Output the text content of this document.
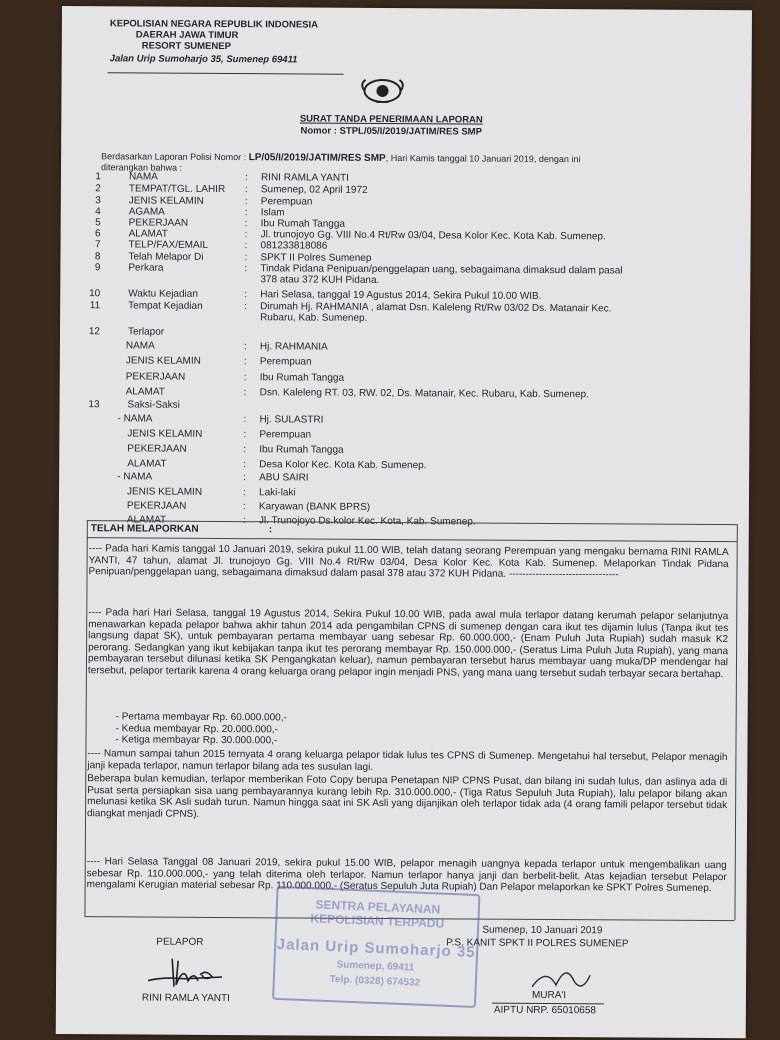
KEPOLISIAN NEGARA REPUBLIK INDONESIA
DAERAH JAWA TIMUR
RESORT SUMENEP
Jalan Urip Sumoharjo 35, Sumenep 69411
SURAT TANDA PENERIMAAN LAPORAN
Nomor : STPL/05/I/2019/JATIM/RES SMP
Berdasarkan Laporan Polisi Nomor : LP/05/I/2019/JATIM/RES SMP, Hari Kamis tanggal 10 Januari 2019, dengan ini
diterangkan bahwa :
1	NAMA	: RINI RAMLA YANTI
2	TEMPAT/TGL. LAHIR : Sumenep, 02 April 1972
3	JENIS KELAMIN	: Perempuan
4	AGAMA	: Islam
5	PEKERJAAN	: Ibu Rumah Tangga
6	ALAMAT	: Jl. trunojoyo Gg. VIII No.4 Rt/Rw 03/04, Desa Kolor Kec. Kota Kab. Sumenep.
7	TELP/FAX/EMAIL	: 081233818086
8	Telah Melapor Di	: SPKT II Polres Sumenep
9	Perkara	: Tindak Pidana Penipuan/penggelapan uang, sebagaimana dimaksud dalam pasal
378 atau 372 KUH Pidana.
10	Waktu Kejadian	: Hari Selasa, tanggal 19 Agustus 2014, Sekira Pukul 10.00 WIB.
11	Tempat Kejadian	: Dirumah Hj. RAHMANIA , alamat Dsn. Kaleleng Rt/Rw 03/02 Ds. Matanair Kec.
Rubaru, Kab. Sumenep.
12	Terlapor
NAMA	: Hj. RAHMANIA
JENIS KELAMIN	: Perempuan
PEKERJAAN	: Ibu Rumah Tangga
ALAMAT	: Dsn. Kaleleng RT. 03, RW. 02, Ds. Matanair, Kec. Rubaru, Kab. Sumenep.
13	Saksi-Saksi
- NAMA	: Hj. SULASTRI
JENIS KELAMIN	: Perempuan
PEKERJAAN	: Ibu Rumah Tangga
ALAMAT	: Desa Kolor Kec. Kota Kab. Sumenep.
- NAMA	: ABU SAIRI
JENIS KELAMIN	: Laki-laki
PEKERJAAN	: Karyawan (BANK BPRS)
ALAMAT	: Jl. Trunojoyo Ds.kolor Kec. Kota, Kab. Sumenep.
TELAH MELAPORKAN	:
---- Pada hari Kamis tanggal 10 Januari 2019, sekira pukul 11.00 WIB, telah datang seorang Perempuan yang mengaku bernama RINI RAMLA YANTI, 47 tahun, alamat Jl. trunojoyo Gg. VIII No.4 Rt/Rw 03/04, Desa Kolor Kec. Kota Kab. Sumenep. Melaporkan Tindak Pidana Penipuan/penggelapan uang, sebagaimana dimaksud dalam pasal 378 atau 372 KUH Pidana. ---------------------------------
---- Pada hari Hari Selasa, tanggal 19 Agustus 2014, Sekira Pukul 10.00 WIB, pada awal mula terlapor datang kerumah pelapor selanjutnya menawarkan kepada pelapor bahwa akhir tahun 2014 ada pengambilan CPNS di sumenep dengan cara ikut tes dijamin lulus (Tanpa ikut tes langsung dapat SK), untuk pembayaran pertama membayar uang sebesar Rp. 60.000.000,- (Enam Puluh Juta Rupiah) sudah masuk K2 perorang. Sedangkan yang ikut kebijakan tanpa ikut tes perorang membayar Rp. 150.000.000,- (Seratus Lima Puluh Juta Rupiah), yang mana pembayaran tersebut dilunasi ketika SK Pengangkatan keluar), namun pembayaran tersebut harus membayar uang muka/DP mendengar hal tersebut, pelapor tertarik karena 4 orang keluarga orang pelapor ingin menjadi PNS, yang mana uang tersebut sudah terbayar secara bertahap.
- Pertama membayar Rp. 60.000.000,-
- Kedua membayar Rp. 20.000.000,-
- Ketiga membayar Rp. 30.000.000,-
---- Namun sampai tahun 2015 ternyata 4 orang keluarga pelapor tidak lulus tes CPNS di Sumenep. Mengetahui hal tersebut, Pelapor menagih janji kepada terlapor, namun terlapor bilang ada tes susulan lagi.
Beberapa bulan kemudian, terlapor memberikan Foto Copy berupa Penetapan NIP CPNS Pusat, dan bilang ini sudah lulus, dan aslinya ada di Pusat serta persiapkan sisa uang pembayarannya kurang lebih Rp. 310.000.000,- (Tiga Ratus Sepuluh Juta Rupiah), lalu pelapor bilang akan melunasi ketika SK Asli sudah turun. Namun hingga saat ini SK Asli yang dijanjikan oleh terlapor tidak ada (4 orang famili pelapor tersebut tidak diangkat menjadi CPNS).
---- Hari Selasa Tanggal 08 Januari 2019, sekira pukul 15.00 WIB, pelapor menagih uangnya kepada terlapor untuk mengembalikan uang sebesar Rp. 110.000.000,- yang telah diterima oleh terlapor. Namun terlapor hanya janji dan berbelit-belit. Atas kejadian tersebut Pelapor mengalami Kerugian material sebesar Rp. 110.000.000,- (Seratus Sepuluh Juta Rupiah) Dan Pelapor melaporkan ke SPKT Polres Sumenep.
SENTRA PELAYANAN KEPOLISIAN TERPADU
Jalan Urip Sumoharjo 35
Sumenep, 69411
Telp. (0328) 674532
Sumenep, 10 Januari 2019
P.S. KANIT SPKT II POLRES SUMENEP
PELAPOR
RINI RAMLA YANTI	MURA'I
AIPTU NRP. 65010658
